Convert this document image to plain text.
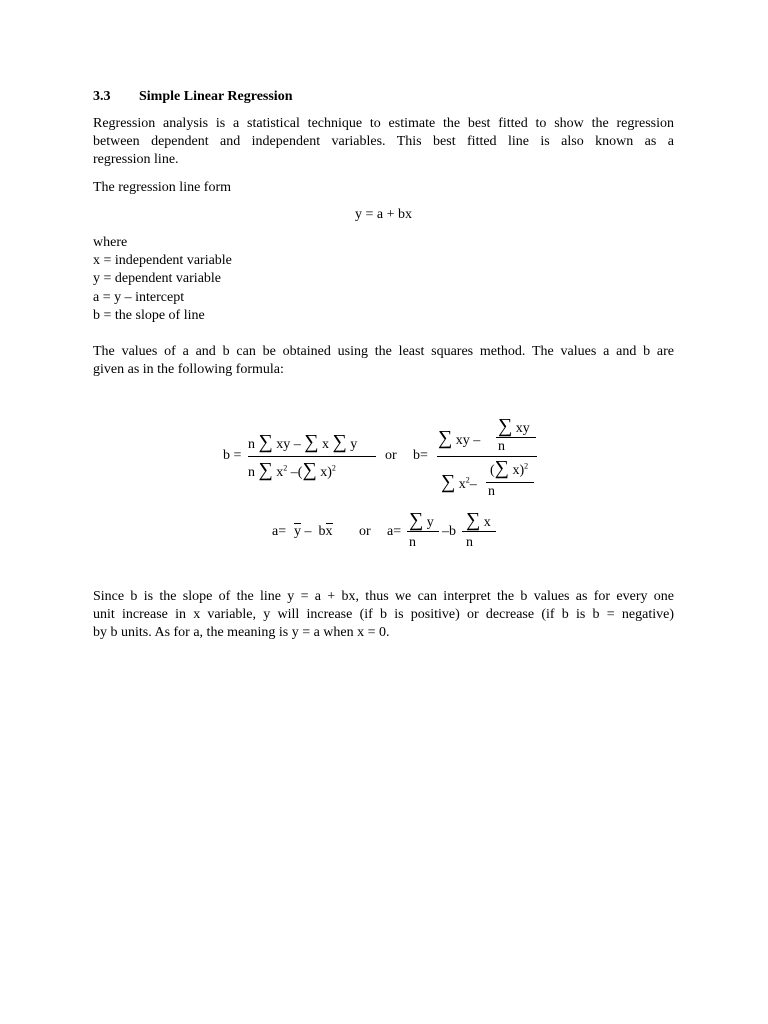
3.3 Simple Linear Regression
Regression analysis is a statistical technique to estimate the best fitted to show the regression
between dependent and independent variables. This best fitted line is also known as a
regression line.
The regression line form
y = a + bx
where
x = independent variable
y = dependent variable
a = y – intercept
b = the slope of line
The values of a and b can be obtained using the least squares method. The values a and b are
given as in the following formula:
Since b is the slope of the line y = a + bx, thus we can interpret the b values as for every one
unit increase in x variable, y will increase (if b is positive) or decrease (if b is b = negative)
by b units. As for a, the meaning is y = a when x = 0.
b =
n ∑ xy – ∑ x ∑ y
n ∑ $x^2$ –(∑ x)$^2$
or b=
∑ xy –
∑ xy
n
∑ $x^2-$
(∑ x)$^2$
n
a= y – bx or a=
∑ y
n
–b
∑ x
n
